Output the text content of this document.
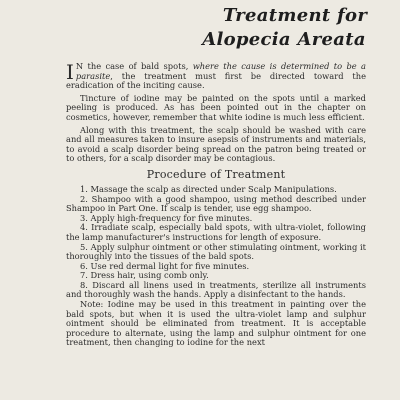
Treatment for
Alopecia Areata

I N the case of bald spots, where the cause is determined to be a parasite, the treatment must first be directed toward the eradication of the inciting cause.

Tincture of iodine may be painted on the spots until a marked peeling is produced. As has been pointed out in the chapter on cosmetics, however, remember that white iodine is much less efficient.

Along with this treatment, the scalp should be washed with care and all measures taken to insure asepsis of instruments and materials, to avoid a scalp disorder being spread on the patron being treated or to others, for a scalp disorder may be contagious.

Procedure of Treatment

1. Massage the scalp as directed under Scalp Manipulations.

2. Shampoo with a good shampoo, using method described under Shampoo in Part One. If scalp is tender, use egg shampoo.

3. Apply high-frequency for five minutes.

4. Irradiate scalp, especially bald spots, with ultra-violet, following the lamp manufacturer's instructions for length of exposure.

5. Apply sulphur ointment or other stimulating ointment, working it thoroughly into the tissues of the bald spots.

6. Use red dermal light for five minutes.

7. Dress hair, using comb only.

8. Discard all linens used in treatments, sterilize all instruments and thoroughly wash the hands. Apply a disinfectant to the hands.

Note: Iodine may be used in this treatment in painting over the bald spots, but when it is used the ultra-violet lamp and sulphur ointment should be eliminated from treatment. It is acceptable procedure to alternate, using the lamp and sulphur ointment for one treatment, then changing to iodine for the next
